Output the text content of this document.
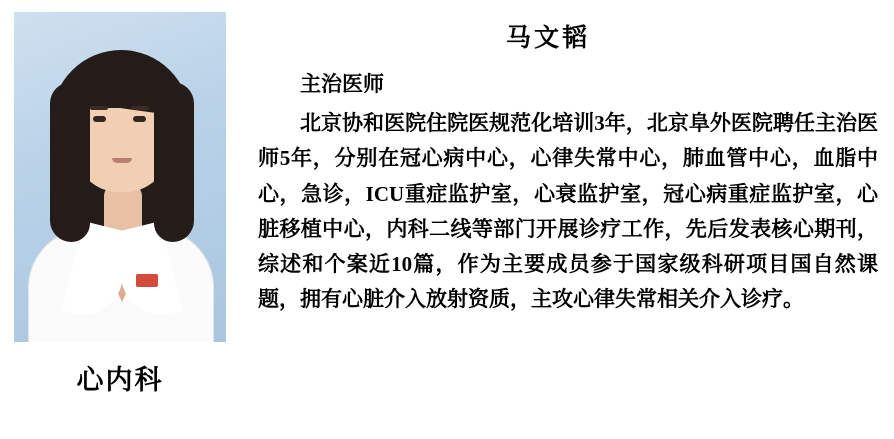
心内科
马文韬
主治医师
北京协和医院住院医规范化培训3年，北京阜外医院聘任主治医师5年，分别在冠心病中心，心律失常中心，肺血管中心，血脂中心，急诊，ICU重症监护室，心衰监护室，冠心病重症监护室，心脏移植中心，内科二线等部门开展诊疗工作，先后发表核心期刊，综述和个案近10篇，作为主要成员参于国家级科研项目国自然课题，拥有心脏介入放射资质，主攻心律失常相关介入诊疗。
